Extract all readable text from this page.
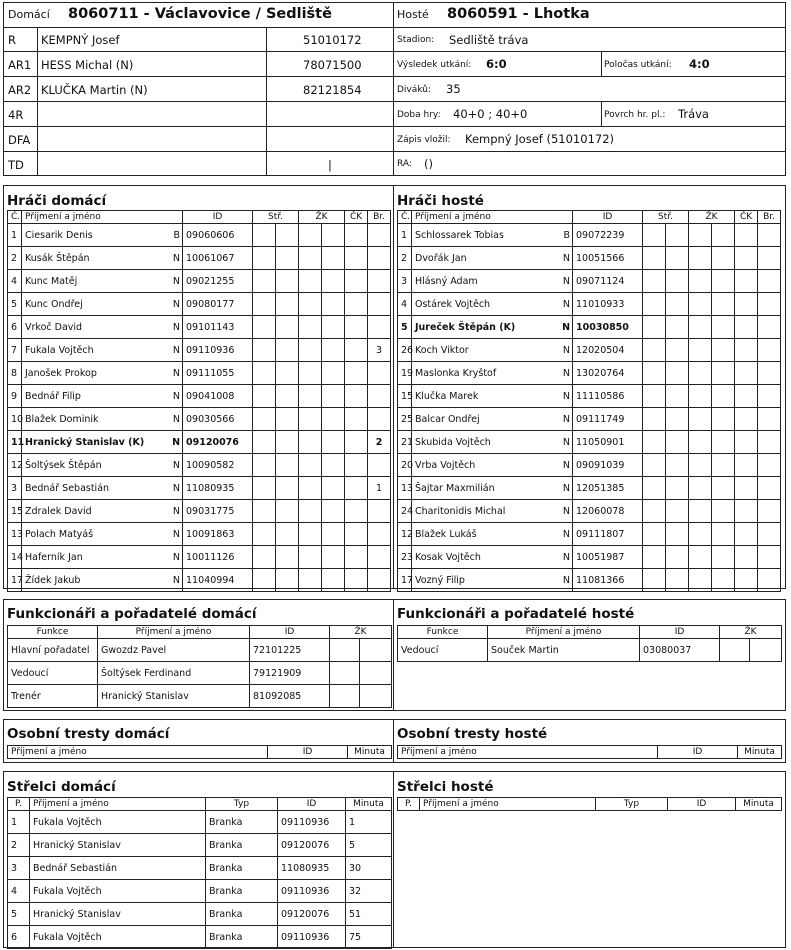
Domácí 8060711 - Václavovice / Sedliště
R KEMPNÝ Josef	51010172
AR1 HESS Michal (N)	78071500
AR2 KLUČKA Martin (N)	82121854
4R
DFA
TD	|
Hosté 8060591 - Lhotka
Stadion: Sedliště tráva
Výsledek utkání: 6:0	Poločas utkání: 4:0
Diváků: 35
Doba hry: 40+0 ; 40+0	Povrch hr. pl.: Tráva
Zápis vložil: Kempný Josef (51010172)
RA: ()
Hráči domácí	Hráči hosté
Č.	Příjmení a jméno		ID	Stř.		ŽK		ČK	Br.
1	Ciesarik Denis	B	09060606						
2	Kusák Štěpán	N	10061067						
4	Kunc Matěj	N	09021255						
5	Kunc Ondřej	N	09080177						
6	Vrkoč David	N	09101143						
7	Fukala Vojtěch	N	09110936						3
8	Janošek Prokop	N	09111055						
9	Bednář Filip	N	09041008						
10	Blažek Dominik	N	09030566						
11	Hranický Stanislav (K)	N	09120076						2
12	Šoltýsek Štěpán	N	10090582						
3	Bednář Sebastián	N	11080935						1
15	Zdralek David	N	09031775						
13	Polach Matyáš	N	10091863						
14	Haferník Jan	N	10011126						
17	Žídek Jakub	N	11040994						
Č.	Příjmení a jméno		ID	Stř.		ŽK		ČK	Br.
1	Schlossarek Tobias	B	09072239						
2	Dvořák Jan	N	10051566						
3	Hlásný Adam	N	09071124						
4	Ostárek Vojtěch	N	11010933						
5	Jureček Štěpán (K)	N	10030850						
26	Koch Viktor	N	12020504						
19	Maslonka Kryštof	N	13020764						
15	Klučka Marek	N	11110586						
25	Balcar Ondřej	N	09111749						
21	Skubida Vojtěch	N	11050901						
20	Vrba Vojtěch	N	09091039						
13	Šajtar Maxmilián	N	12051385						
24	Charitonidis Michal	N	12060078						
12	Blažek Lukáš	N	09111807						
23	Kosak Vojtěch	N	10051987						
17	Vozný Filip	N	11081366						
Funkcionáři a pořadatelé domácí	Funkcionáři a pořadatelé hosté
Funkce	Příjmení a jméno	ID	ŽK	
Hlavní pořadatel	Gwozdz Pavel	72101225		
Vedoucí	Šoltýsek Ferdinand	79121909		
Trenér	Hranický Stanislav	81092085		
Funkce	Příjmení a jméno	ID	ŽK	
Vedoucí	Souček Martin	03080037		
Osobní tresty domácí	Osobní tresty hosté
Příjmení a jméno	ID	Minuta Příjmení a jméno	ID	Minuta
Střelci domácí	Střelci hosté
P.	Příjmení a jméno	Typ	ID	Minuta
1	Fukala Vojtěch	Branka	09110936	1
2	Hranický Stanislav	Branka	09120076	5
3	Bednář Sebastián	Branka	11080935	30
4	Fukala Vojtěch	Branka	09110936	32
5	Hranický Stanislav	Branka	09120076	51
6	Fukala Vojtěch	Branka	09110936	75
P.	Příjmení a jméno	Typ	ID	Minuta
